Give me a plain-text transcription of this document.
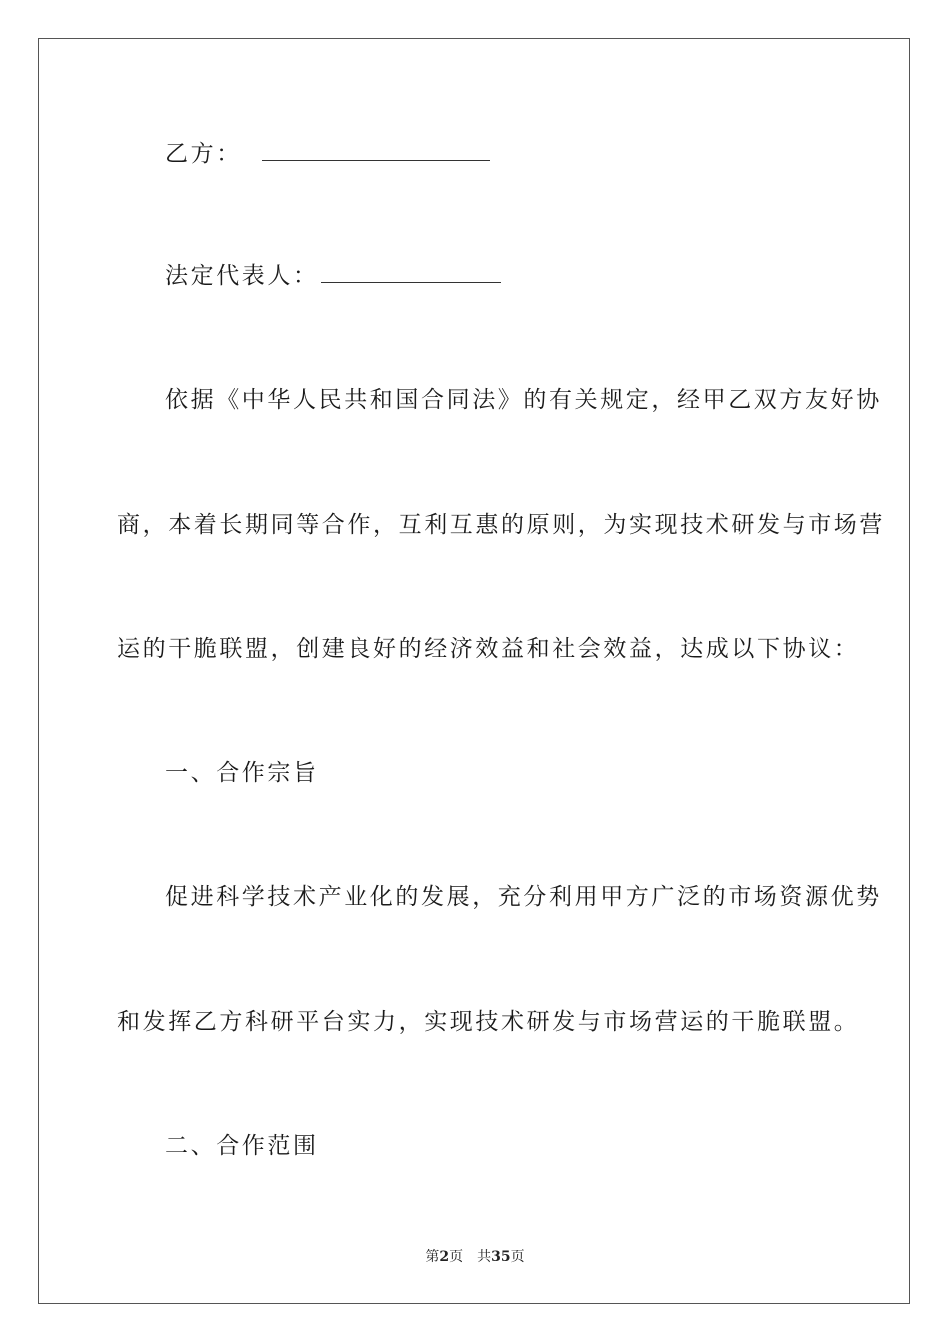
乙方：
法定代表人：
依据《中华人民共和国合同法》的有关规定，经甲乙双方友好协
商，本着长期同等合作，互利互惠的原则，为实现技术研发与市场营
运的干脆联盟，创建良好的经济效益和社会效益，达成以下协议：
一、合作宗旨
促进科学技术产业化的发展，充分利用甲方广泛的市场资源优势
和发挥乙方科研平台实力，实现技术研发与市场营运的干脆联盟。
二、合作范围
第2页 共35页
